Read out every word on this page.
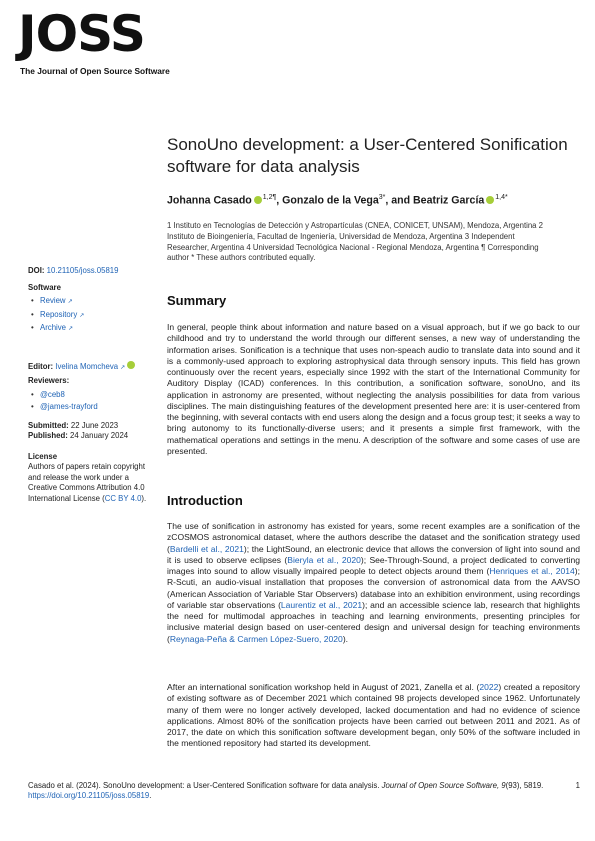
JOSS
The Journal of Open Source Software
SonoUno development: a User-Centered Sonification software for data analysis
Johanna Casado $^{1,2\P}$, Gonzalo de la Vega$^{3*}$, and Beatriz García $^{1,4*}$
1 Instituto en Tecnologías de Detección y Astropartículas (CNEA, CONICET, UNSAM), Mendoza, Argentina 2 Instituto de Bioingeniería, Facultad de Ingeniería, Universidad de Mendoza, Argentina 3 Independent Researcher, Argentina 4 Universidad Tecnológica Nacional - Regional Mendoza, Argentina ¶ Corresponding author * These authors contributed equally.
DOI: 10.21105/joss.05819
Software
• Review ↗
• Repository ↗
• Archive ↗
Editor: Ivelina Momcheva ↗
Reviewers:
• @ceb8
• @james-trayford
Submitted: 22 June 2023
Published: 24 January 2024
License
Authors of papers retain copyright and release the work under a Creative Commons Attribution 4.0 International License (CC BY 4.0).
Summary
In general, people think about information and nature based on a visual approach, but if we go back to our childhood and try to understand the world through our different senses, a new way of understanding the information arises. Sonification is a technique that uses non-speach audio to translate data into sound and it is a commonly-used approach to exploring astrophysical data through sensory inputs. This field has grown continuously over the recent years, especially since 1992 with the start of the International Community for Auditory Display (ICAD) conferences. In this contribution, a sonification software, sonoUno, and its application in astronomy are presented, without neglecting the analysis possibilities for data from various disciplines. The main distinguishing features of the development presented here are: it is user-centered from the beginning, with several contacts with end users along the design and a focus group test; it seeks a way to bring autonomy to its functionally-diverse users; and it presents a simple first framework, with the mathematical operations and settings in the menu. A description of the software and some cases of use are presented.
Introduction
The use of sonification in astronomy has existed for years, some recent examples are a sonification of the zCOSMOS astronomical dataset, where the authors describe the dataset and the sonification strategy used (Bardelli et al., 2021); the LightSound, an electronic device that allows the conversion of light into sound and it is used to observe eclipses (Bieryla et al., 2020); See-Through-Sound, a project dedicated to converting images into sound to allow visually impaired people to detect objects around them (Henriques et al., 2014); R-Scuti, an audio-visual installation that proposes the conversion of astronomical data from the AAVSO (American Association of Variable Star Observers) database into an exhibition environment, using recordings of variable star observations (Laurentiz et al., 2021); and an accessible science lab, research that highlights the need for multimodal approaches in teaching and learning environments, presenting principles for inclusive material design based on user-centered design and universal design for teaching environments (Reynaga-Peña & Carmen López-Suero, 2020).
After an international sonification workshop held in August of 2021, Zanella et al. (2022) created a repository of existing software as of December 2021 which contained 98 projects developed since 1962. Unfortunately many of them were no longer actively developed, lacked documentation and had no evidence of science applications. Almost 80% of the sonification projects have been carried out between 2011 and 2021. As of 2017, the date on which this sonification software development began, only 50% of the software included in the mentioned repository had started its development.
Casado et al. (2024). SonoUno development: a User-Centered Sonification software for data analysis. Journal of Open Source Software, 9(93), 5819. https://doi.org/10.21105/joss.05819.
1
